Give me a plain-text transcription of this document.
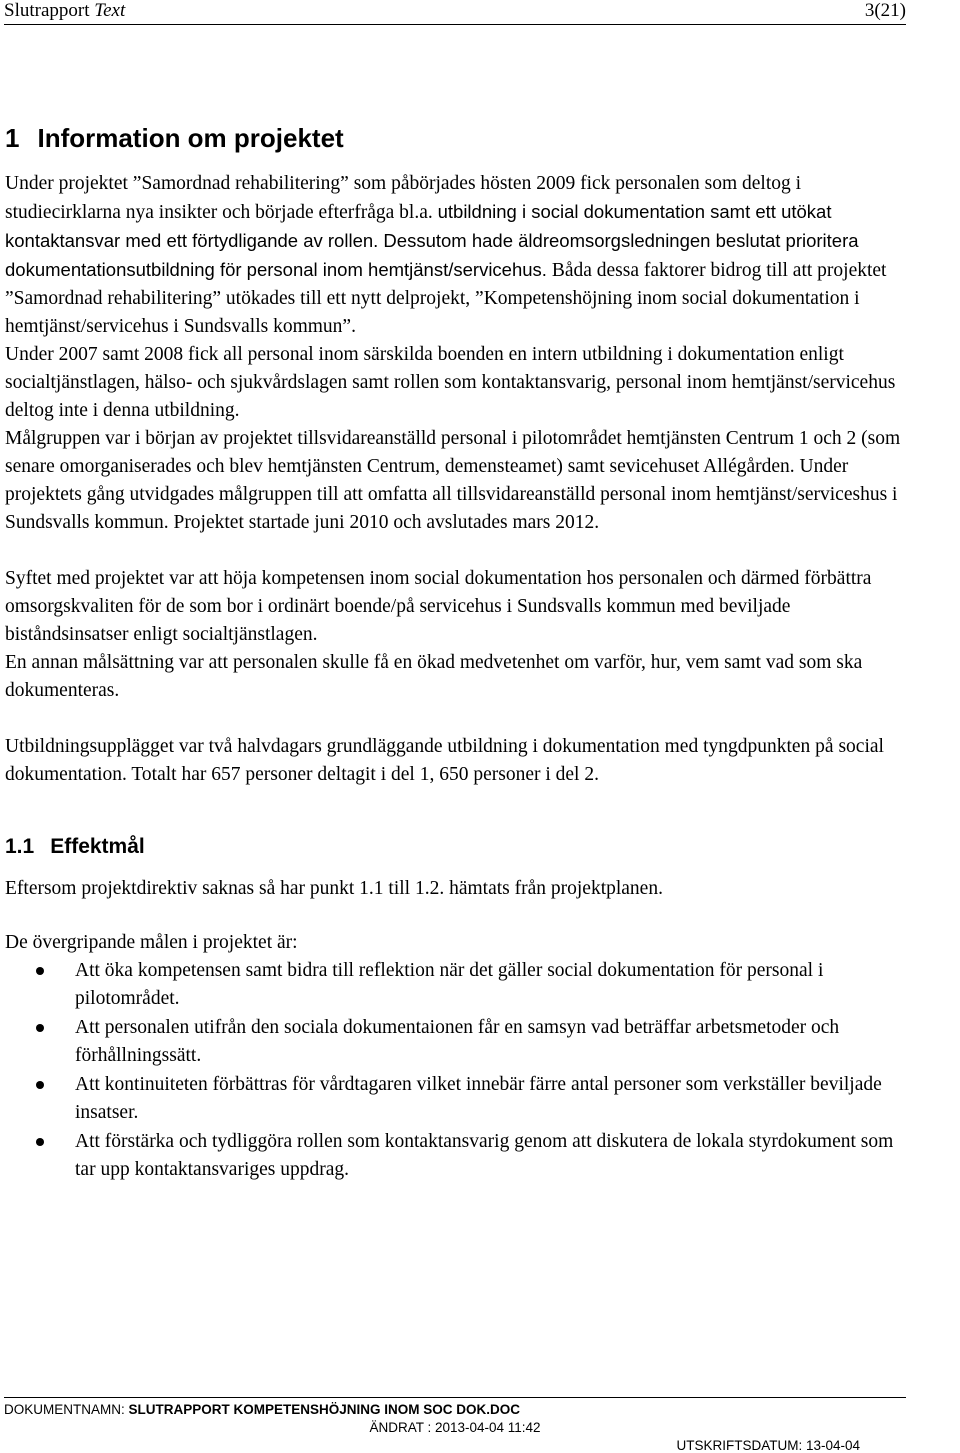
Slutrapport Text	3(21)
1 Information om projektet

Under projektet ”Samordnad rehabilitering” som påbörjades hösten 2009 fick personalen som deltog i studiecirklarna nya insikter och började efterfråga bl.a. utbildning i social dokumentation samt ett utökat kontaktansvar med ett förtydligande av rollen. Dessutom hade äldreomsorgsledningen beslutat prioritera dokumentationsutbildning för personal inom hemtjänst/servicehus. Båda dessa faktorer bidrog till att projektet ”Samordnad rehabilitering” utökades till ett nytt delprojekt, ”Kompetenshöjning inom social dokumentation i hemtjänst/servicehus i Sundsvalls kommun”.

Under 2007 samt 2008 fick all personal inom särskilda boenden en intern utbildning i dokumentation enligt socialtjänstlagen, hälso- och sjukvårdslagen samt rollen som kontaktansvarig, personal inom hemtjänst/servicehus deltog inte i denna utbildning.

Målgruppen var i början av projektet tillsvidareanställd personal i pilotområdet hemtjänsten Centrum 1 och 2 (som senare omorganiserades och blev hemtjänsten Centrum, demensteamet) samt sevicehuset Allégården. Under projektets gång utvidgades målgruppen till att omfatta all tillsvidareanställd personal inom hemtjänst/serviceshus i Sundsvalls kommun. Projektet startade juni 2010 och avslutades mars 2012.

Syftet med projektet var att höja kompetensen inom social dokumentation hos personalen och därmed förbättra omsorgskvaliten för de som bor i ordinärt boende/på servicehus i Sundsvalls kommun med beviljade biståndsinsatser enligt socialtjänstlagen.

En annan målsättning var att personalen skulle få en ökad medvetenhet om varför, hur, vem samt vad som ska dokumenteras.

Utbildningsupplägget var två halvdagars grundläggande utbildning i dokumentation med tyngdpunkten på social dokumentation. Totalt har 657 personer deltagit i del 1, 650 personer i del 2.

1.1 Effektmål

Eftersom projektdirektiv saknas så har punkt 1.1 till 1.2. hämtats från projektplanen.

De övergripande målen i projektet är:

Att öka kompetensen samt bidra till reflektion när det gäller social dokumentation för personal i pilotområdet.
Att personalen utifrån den sociala dokumentaionen får en samsyn vad beträffar arbetsmetoder och förhållningssätt.
Att kontinuiteten förbättras för vårdtagaren vilket innebär färre antal personer som verkställer beviljade insatser.
Att förstärka och tydliggöra rollen som kontaktansvarig genom att diskutera de lokala styrdokument som tar upp kontaktansvariges uppdrag.
DOKUMENTNAMN: SLUTRAPPORT KOMPETENSHÖJNING INOM SOC DOK.DOC
ÄNDRAT : 2013-04-04 11:42
UTSKRIFTSDATUM: 13-04-04
